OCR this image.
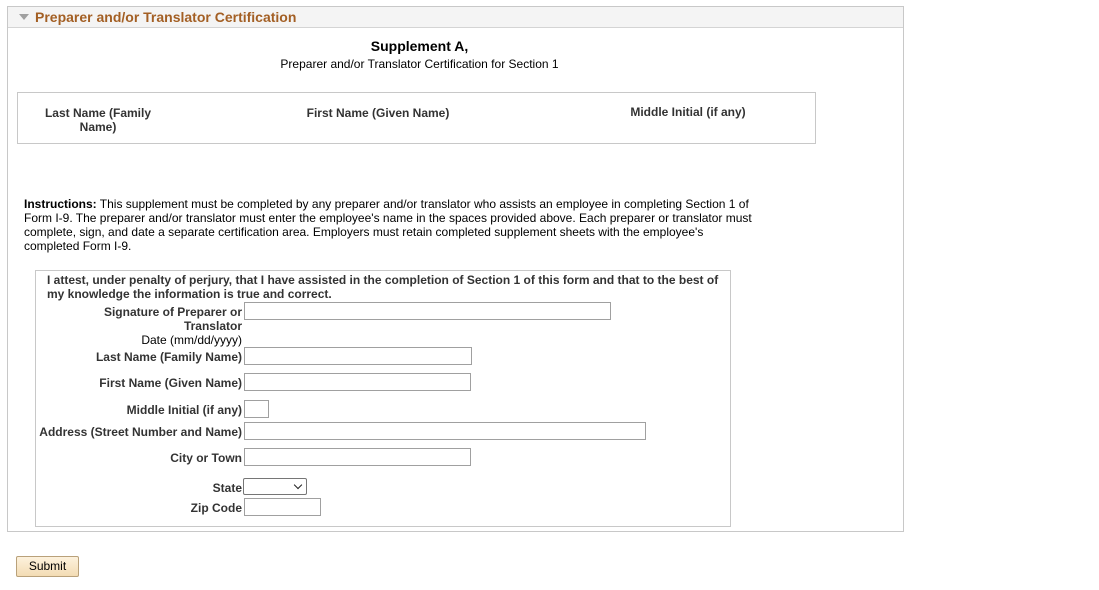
Preparer and/or Translator Certification
Supplement A,
Preparer and/or Translator Certification for Section 1
Last Name (Family Name)
First Name (Given Name)	Middle Initial (if any)
Instructions: This supplement must be completed by any preparer and/or translator who assists an employee in completing Section 1 of Form I-9. The preparer and/or translator must enter the employee's name in the spaces provided above. Each preparer or translator must complete, sign, and date a separate certification area. Employers must retain completed supplement sheets with the employee's completed Form I-9.
I attest, under penalty of perjury, that I have assisted in the completion of Section 1 of this form and that to the best of my knowledge the information is true and correct.
Signature of Preparer or Translator
Date (mm/dd/yyyy)
Last Name (Family Name)
First Name (Given Name)
Middle Initial (if any)
Address (Street Number and Name)
City or Town
State
Zip Code
Submit
